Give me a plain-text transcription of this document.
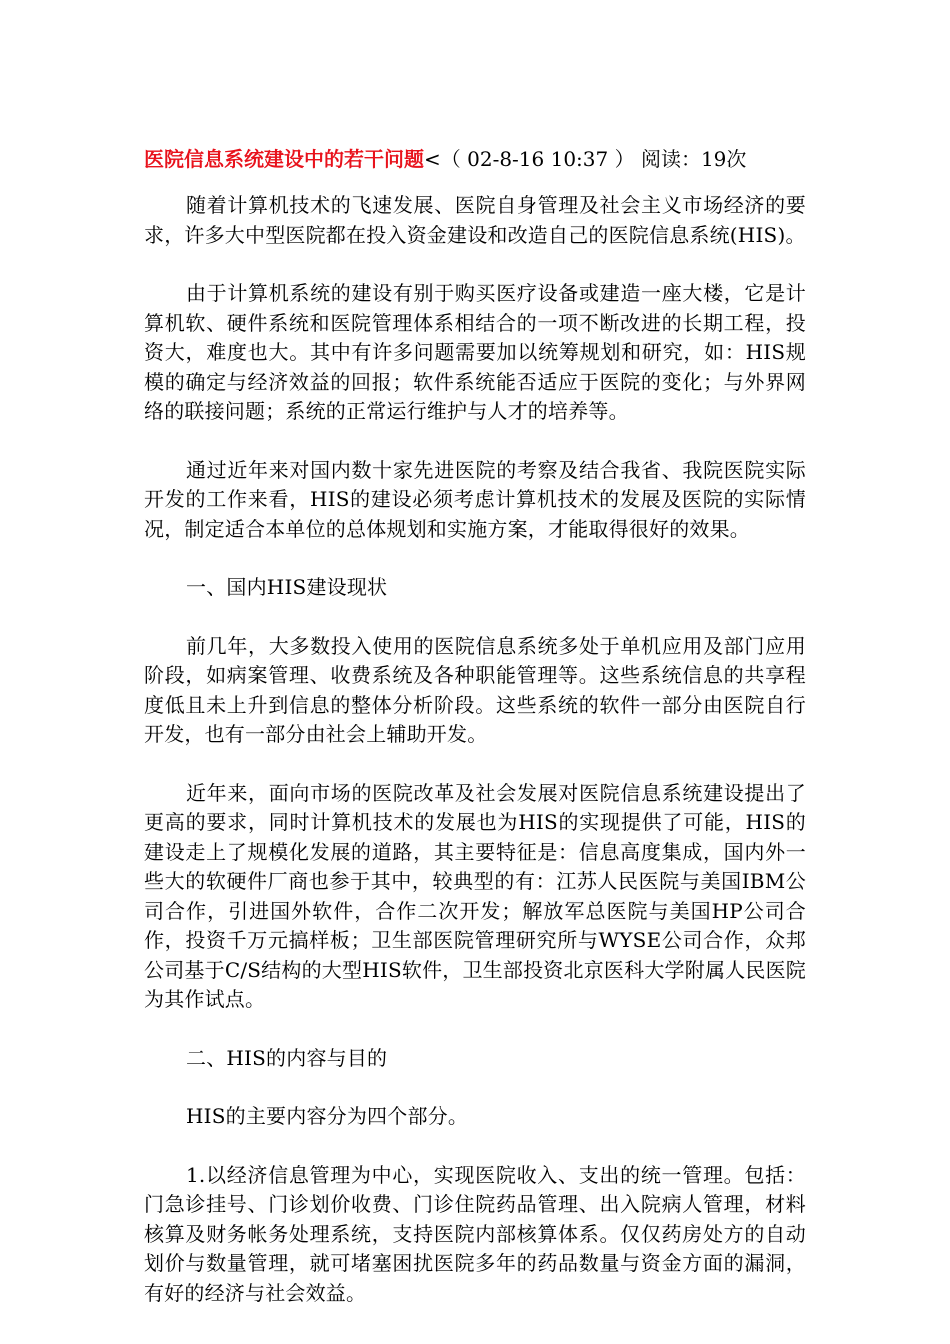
医院信息系统建设中的若干问题<（ 02-8-16 10:37 ） 阅读：19次

随着计算机技术的飞速发展、医院自身管理及社会主义市场经济的要求，许多大中型医院都在投入资金建设和改造自己的医院信息系统(HIS)。

由于计算机系统的建设有别于购买医疗设备或建造一座大楼，它是计算机软、硬件系统和医院管理体系相结合的一项不断改进的长期工程，投资大，难度也大。其中有许多问题需要加以统筹规划和研究，如：HIS规模的确定与经济效益的回报；软件系统能否适应于医院的变化；与外界网络的联接问题；系统的正常运行维护与人才的培养等。

通过近年来对国内数十家先进医院的考察及结合我省、我院医院实际开发的工作来看，HIS的建设必须考虑计算机技术的发展及医院的实际情况，制定适合本单位的总体规划和实施方案，才能取得很好的效果。

一、国内HIS建设现状

前几年，大多数投入使用的医院信息系统多处于单机应用及部门应用阶段，如病案管理、收费系统及各种职能管理等。这些系统信息的共享程度低且未上升到信息的整体分析阶段。这些系统的软件一部分由医院自行开发，也有一部分由社会上辅助开发。

近年来，面向市场的医院改革及社会发展对医院信息系统建设提出了更高的要求，同时计算机技术的发展也为HIS的实现提供了可能，HIS的建设走上了规模化发展的道路，其主要特征是：信息高度集成，国内外一些大的软硬件厂商也参于其中，较典型的有：江苏人民医院与美国IBM公司合作，引进国外软件，合作二次开发；解放军总医院与美国HP公司合作，投资千万元搞样板；卫生部医院管理研究所与WYSE公司合作，众邦公司基于C/S结构的大型HIS软件，卫生部投资北京医科大学附属人民医院为其作试点。

二、HIS的内容与目的

HIS的主要内容分为四个部分。

1.以经济信息管理为中心，实现医院收入、支出的统一管理。包括：门急诊挂号、门诊划价收费、门诊住院药品管理、出入院病人管理，材料核算及财务帐务处理系统，支持医院内部核算体系。仅仅药房处方的自动划价与数量管理，就可堵塞困扰医院多年的药品数量与资金方面的漏洞，有好的经济与社会效益。
